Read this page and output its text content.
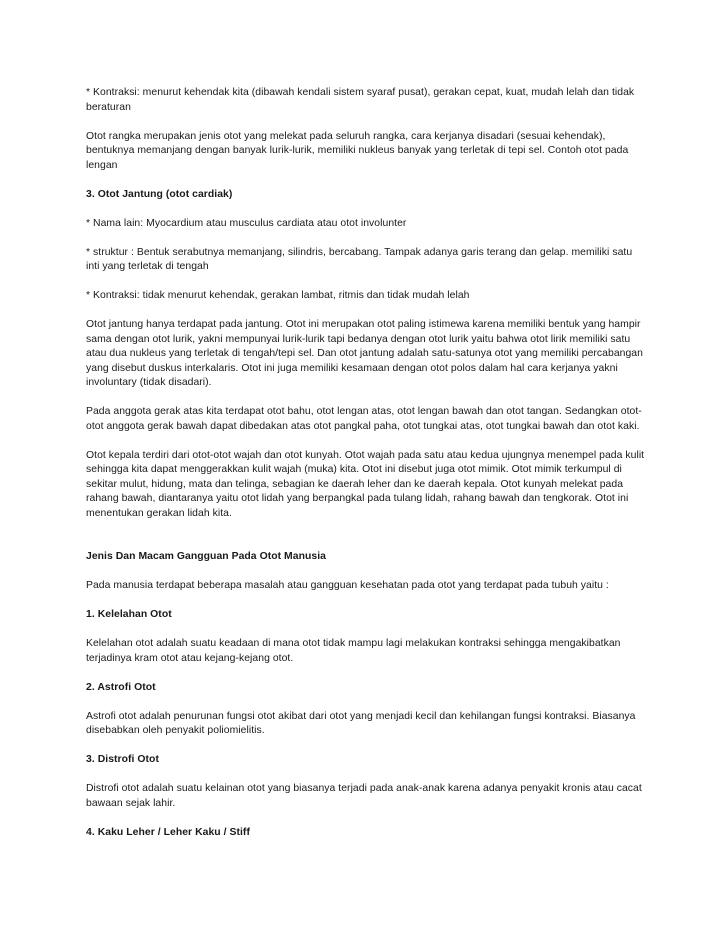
* Kontraksi: menurut kehendak kita (dibawah kendali sistem syaraf pusat), gerakan cepat, kuat, mudah lelah dan tidak beraturan

Otot rangka merupakan jenis otot yang melekat pada seluruh rangka, cara kerjanya disadari (sesuai kehendak), bentuknya memanjang dengan banyak lurik-lurik, memiliki nukleus banyak yang terletak di tepi sel. Contoh otot pada lengan

3. Otot Jantung (otot cardiak)

* Nama lain: Myocardium atau musculus cardiata atau otot involunter

* struktur : Bentuk serabutnya memanjang, silindris, bercabang. Tampak adanya garis terang dan gelap. memiliki satu inti yang terletak di tengah

* Kontraksi: tidak menurut kehendak, gerakan lambat, ritmis dan tidak mudah lelah

Otot jantung hanya terdapat pada jantung. Otot ini merupakan otot paling istimewa karena memiliki bentuk yang hampir sama dengan otot lurik, yakni mempunyai lurik-lurik tapi bedanya dengan otot lurik yaitu bahwa otot lirik memiliki satu atau dua nukleus yang terletak di tengah/tepi sel. Dan otot jantung adalah satu-satunya otot yang memiliki percabangan yang disebut duskus interkalaris. Otot ini juga memiliki kesamaan dengan otot polos dalam hal cara kerjanya yakni involuntary (tidak disadari).

Pada anggota gerak atas kita terdapat otot bahu, otot lengan atas, otot lengan bawah dan otot tangan. Sedangkan otot-otot anggota gerak bawah dapat dibedakan atas otot pangkal paha, otot tungkai atas, otot tungkai bawah dan otot kaki.

Otot kepala terdiri dari otot-otot wajah dan otot kunyah. Otot wajah pada satu atau kedua ujungnya menempel pada kulit sehingga kita dapat menggerakkan kulit wajah (muka) kita. Otot ini disebut juga otot mimik. Otot mimik terkumpul di sekitar mulut, hidung, mata dan telinga, sebagian ke daerah leher dan ke daerah kepala. Otot kunyah melekat pada rahang bawah, diantaranya yaitu otot lidah yang berpangkal pada tulang lidah, rahang bawah dan tengkorak. Otot ini menentukan gerakan lidah kita.

Jenis Dan Macam Gangguan Pada Otot Manusia

Pada manusia terdapat beberapa masalah atau gangguan kesehatan pada otot yang terdapat pada tubuh yaitu :

1. Kelelahan Otot

Kelelahan otot adalah suatu keadaan di mana otot tidak mampu lagi melakukan kontraksi sehingga mengakibatkan terjadinya kram otot atau kejang-kejang otot.

2. Astrofi Otot

Astrofi otot adalah penurunan fungsi otot akibat dari otot yang menjadi kecil dan kehilangan fungsi kontraksi. Biasanya disebabkan oleh penyakit poliomielitis.

3. Distrofi Otot

Distrofi otot adalah suatu kelainan otot yang biasanya terjadi pada anak-anak karena adanya penyakit kronis atau cacat bawaan sejak lahir.

4. Kaku Leher / Leher Kaku / Stiff
